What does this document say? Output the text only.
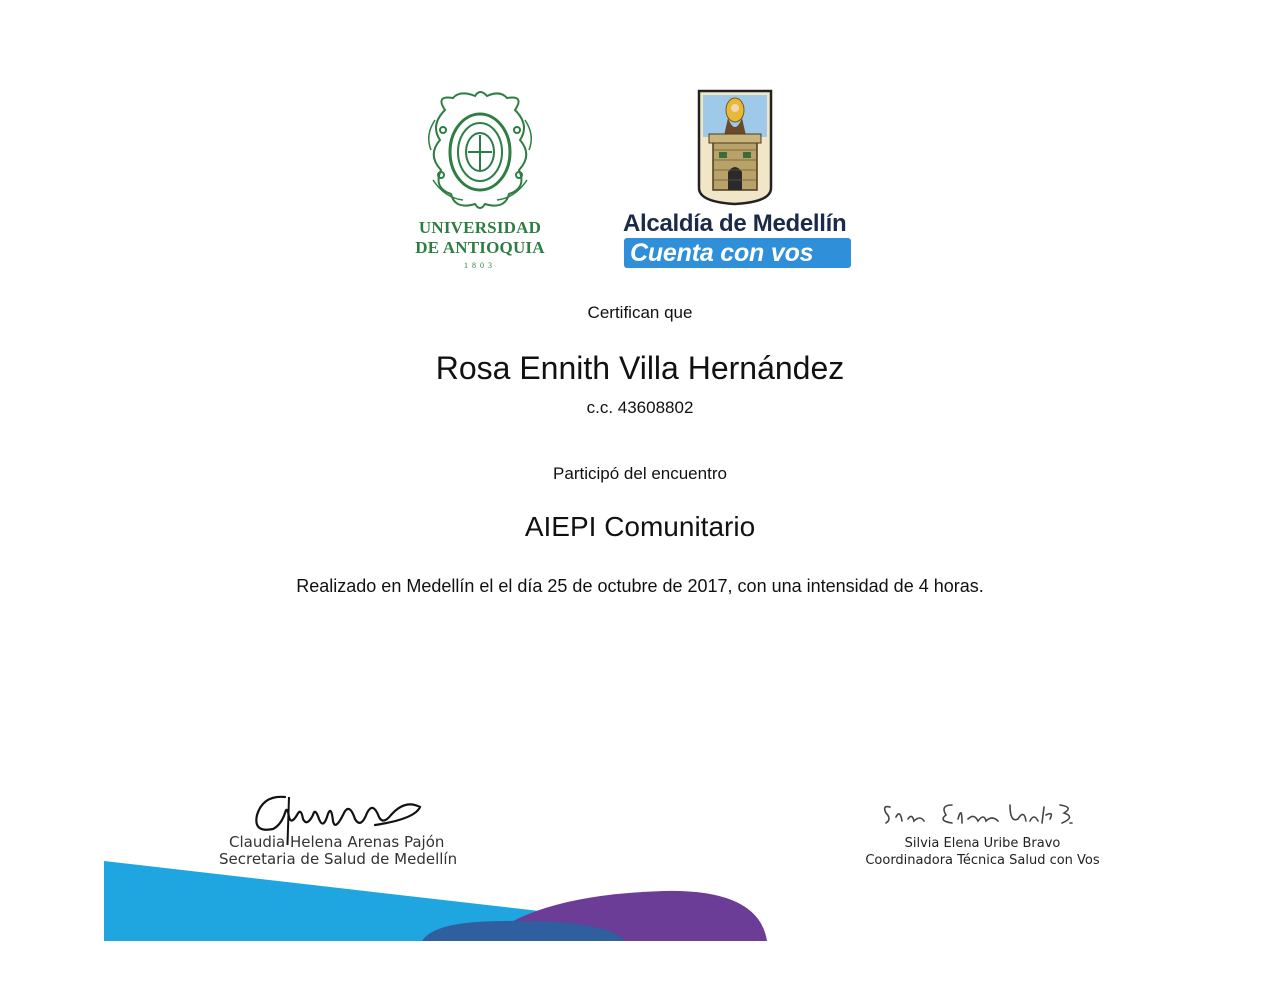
UNIVERSIDAD
DE ANTIOQUIA
1803
Alcaldía de Medellín
Cuenta con vos
Certifican que
Rosa Ennith Villa Hernández
c.c. 43608802
Participó del encuentro
AIEPI Comunitario
Realizado en Medellín el el día 25 de octubre de 2017, con una intensidad de 4 horas.
Claudia Helena Arenas Pajón
Secretaria de Salud de Medellín
Silvia Elena Uribe Bravo
Coordinadora Técnica Salud con Vos
